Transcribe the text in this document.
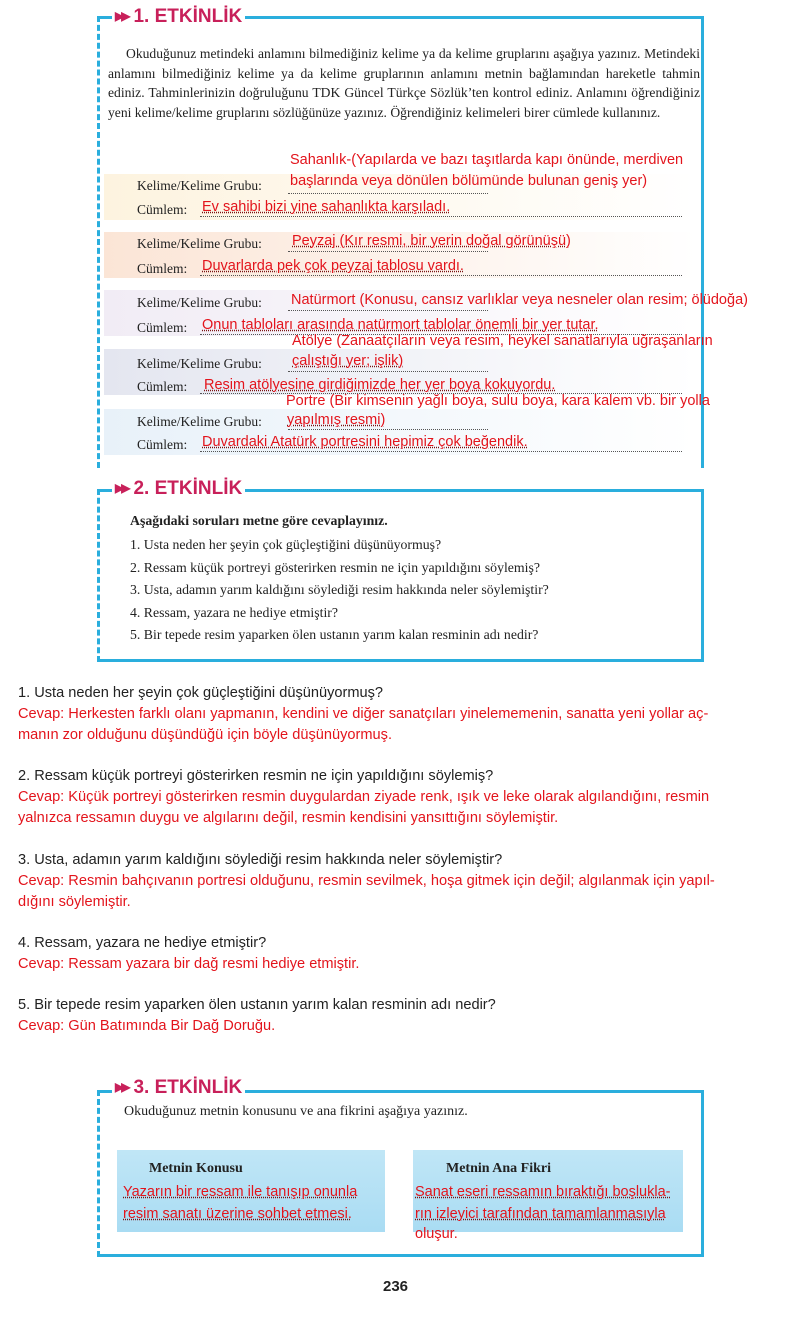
▶▶ 1. ETKİNLİK

Okuduğunuz metindeki anlamını bilmediğiniz kelime ya da kelime gruplarını aşağıya yazınız. Metindeki anlamını bilmediğiniz kelime ya da kelime gruplarının anlamını metnin bağlamından hareketle tahmin ediniz. Tahminlerinizin doğruluğunu TDK Güncel Türkçe Sözlük’ten kontrol ediniz. Anlamını öğrendiğiniz yeni kelime/kelime gruplarını sözlüğünüze yazınız. Öğrendiğiniz kelimeleri birer cümlede kullanınız.

Kelime/Kelime Grubu:
Cümlem:
Sahanlık-(Yapılarda ve bazı taşıtlarda kapı önünde, merdiven
başlarında veya dönülen bölümünde bulunan geniş yer)
Ev sahibi bizi yine sahanlıkta karşıladı.
Kelime/Kelime Grubu:
Cümlem:
Peyzaj (Kır resmi, bir yerin doğal görünüşü)
Duvarlarda pek çok peyzaj tablosu vardı.
Kelime/Kelime Grubu:
Cümlem:
Natürmort (Konusu, cansız varlıklar veya nesneler olan resim; ölüdoğa)
Onun tabloları arasında natürmort tablolar önemli bir yer tutar.
Atölye (Zanaatçıların veya resim, heykel sanatlarıyla uğraşanların
Kelime/Kelime Grubu: çalıştığı yer; işlik)
Cümlem: Resim atölyesine girdiğimizde her yer boya kokuyordu.
Portre (Bir kimsenin yağlı boya, sulu boya, kara kalem vb. bir yolla
Kelime/Kelime Grubu: yapılmış resmi)
Cümlem: Duvardaki Atatürk portresini hepimiz çok beğendik.
▶▶ 2. ETKİNLİK
Aşağıdaki soruları metne göre cevaplayınız.
1. Usta neden her şeyin çok güçleştiğini düşünüyormuş?
2. Ressam küçük portreyi gösterirken resmin ne için yapıldığını söylemiş?
3. Usta, adamın yarım kaldığını söylediği resim hakkında neler söylemiştir?
4. Ressam, yazara ne hediye etmiştir?
5. Bir tepede resim yaparken ölen ustanın yarım kalan resminin adı nedir?
1. Usta neden her şeyin çok güçleştiğini düşünüyormuş?
Cevap: Herkesten farklı olanı yapmanın, kendini ve diğer sanatçıları yinelememenin, sanatta yeni yollar aç-
manın zor olduğunu düşündüğü için böyle düşünüyormuş.
2. Ressam küçük portreyi gösterirken resmin ne için yapıldığını söylemiş?
Cevap: Küçük portreyi gösterirken resmin duygulardan ziyade renk, ışık ve leke olarak algılandığını, resmin
yalnızca ressamın duygu ve algılarını değil, resmin kendisini yansıttığını söylemiştir.
3. Usta, adamın yarım kaldığını söylediği resim hakkında neler söylemiştir?
Cevap: Resmin bahçıvanın portresi olduğunu, resmin sevilmek, hoşa gitmek için değil; algılanmak için yapıl-
dığını söylemiştir.
4. Ressam, yazara ne hediye etmiştir?
Cevap: Ressam yazara bir dağ resmi hediye etmiştir.
5. Bir tepede resim yaparken ölen ustanın yarım kalan resminin adı nedir?
Cevap: Gün Batımında Bir Dağ Doruğu.
▶▶ 3. ETKİNLİK
Okuduğunuz metnin konusunu ve ana fikrini aşağıya yazınız.
Metnin Konusu
Yazarın bir ressam ile tanışıp onunla
resim sanatı üzerine sohbet etmesi.
Metnin Ana Fikri
Sanat eseri ressamın bıraktığı boşlukla-
rın izleyici tarafından tamamlanmasıyla
oluşur.
236
